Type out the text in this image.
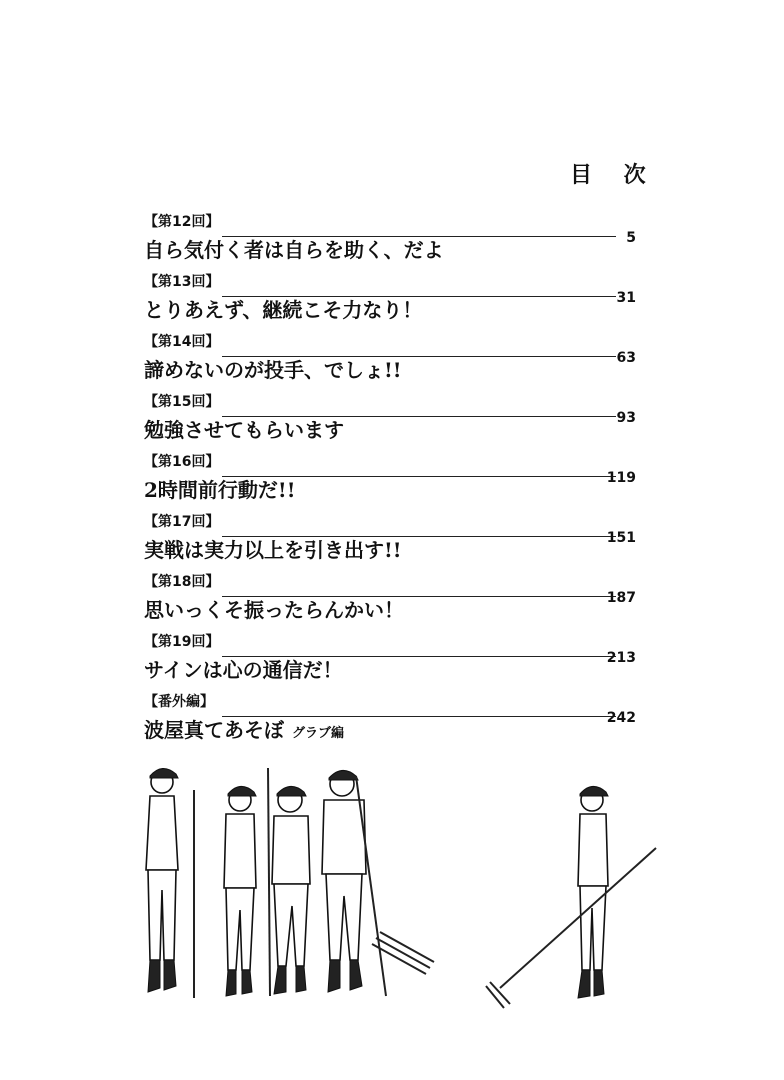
目 次
【第12回】
5
自ら気付く者は自らを助く、だよ
【第13回】
31
とりあえず、継続こそ力なり！
【第14回】
63
諦めないのが投手、でしょ!!
【第15回】
93
勉強させてもらいます
【第16回】
119
2時間前行動だ!!
【第17回】
151
実戦は実力以上を引き出す!!
【第18回】
187
思いっくそ振ったらんかい！
【第19回】
213
サインは心の通信だ！
【番外編】
242
波屋真てあそぼ グラブ編
